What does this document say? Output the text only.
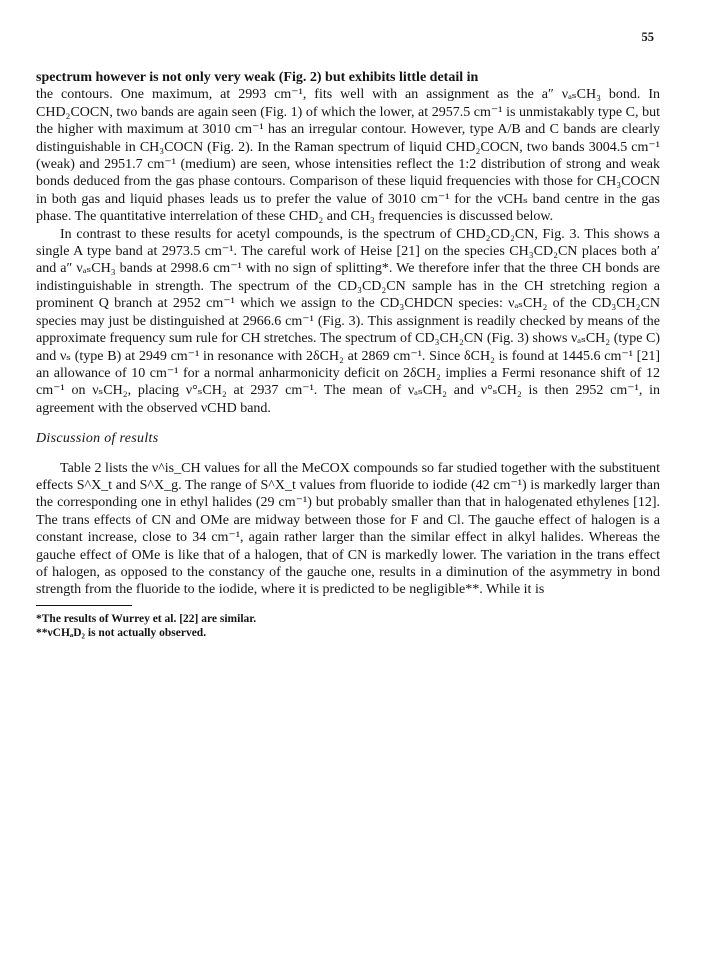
55

spectrum however is not only very weak (Fig. 2) but exhibits little detail in

the contours. One maximum, at 2993 cm⁻¹, fits well with an assignment as the a″ νₐₛCH₃ bond. In CHD₂COCN, two bands are again seen (Fig. 1) of which the lower, at 2957.5 cm⁻¹ is unmistakably type C, but the higher with maximum at 3010 cm⁻¹ has an irregular contour. However, type A/B and C bands are clearly distinguishable in CH₃COCN (Fig. 2). In the Raman spectrum of liquid CHD₂COCN, two bands 3004.5 cm⁻¹ (weak) and 2951.7 cm⁻¹ (medium) are seen, whose intensities reflect the 1:2 distribution of strong and weak bonds deduced from the gas phase contours. Comparison of these liquid frequencies with those for CH₃COCN in both gas and liquid phases leads us to prefer the value of 3010 cm⁻¹ for the νCHₛ band centre in the gas phase. The quantitative interrelation of these CHD₂ and CH₃ frequencies is discussed below.

In contrast to these results for acetyl compounds, is the spectrum of CHD₂CD₂CN, Fig. 3. This shows a single A type band at 2973.5 cm⁻¹. The careful work of Heise [21] on the species CH₃CD₂CN places both a′ and a″ νₐₛCH₃ bands at 2998.6 cm⁻¹ with no sign of splitting*. We therefore infer that the three CH bonds are indistinguishable in strength. The spectrum of the CD₃CD₂CN sample has in the CH stretching region a prominent Q branch at 2952 cm⁻¹ which we assign to the CD₃CHDCN species: νₐₛCH₂ of the CD₃CH₂CN species may just be distinguished at 2966.6 cm⁻¹ (Fig. 3). This assignment is readily checked by means of the approximate frequency sum rule for CH stretches. The spectrum of CD₃CH₂CN (Fig. 3) shows νₐₛCH₂ (type C) and νₛ (type B) at 2949 cm⁻¹ in resonance with 2δCH₂ at 2869 cm⁻¹. Since δCH₂ is found at 1445.6 cm⁻¹ [21] an allowance of 10 cm⁻¹ for a normal anharmonicity deficit on 2δCH₂ implies a Fermi resonance shift of 12 cm⁻¹ on νₛCH₂, placing ν°ₛCH₂ at 2937 cm⁻¹. The mean of νₐₛCH₂ and ν°ₛCH₂ is then 2952 cm⁻¹, in agreement with the observed νCHD band.

Discussion of results

Table 2 lists the ν^is_CH values for all the MeCOX compounds so far studied together with the substituent effects S^X_t and S^X_g. The range of S^X_t values from fluoride to iodide (42 cm⁻¹) is markedly larger than the corresponding one in ethyl halides (29 cm⁻¹) but probably smaller than that in halogenated ethylenes [12]. The trans effects of CN and OMe are midway between those for F and Cl. The gauche effect of halogen is a constant increase, close to 34 cm⁻¹, again rather larger than the similar effect in alkyl halides. Whereas the gauche effect of OMe is like that of a halogen, that of CN is markedly lower. The variation in the trans effect of halogen, as opposed to the constancy of the gauche one, results in a diminution of the asymmetry in bond strength from the fluoride to the iodide, where it is predicted to be negligible**. While it is

*The results of Wurrey et al. [22] are similar.

**νCHₐD₂ is not actually observed.
